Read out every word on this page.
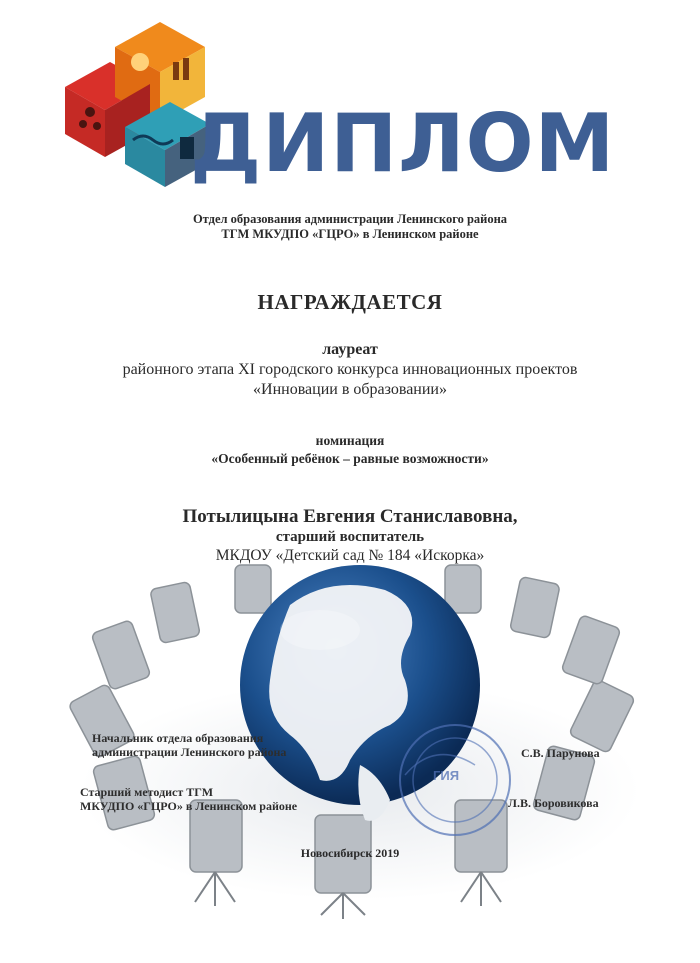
ДИПЛОМ
Отдел образования администрации Ленинского района
ТГМ МКУДПО «ГЦРО» в Ленинском районе
НАГРАЖДАЕТСЯ
лауреат
районного этапа XI городского конкурса инновационных проектов
«Инновации в образовании»
номинация
«Особенный ребёнок – равные возможности»
Потылицына Евгения Станиславовна,
старший воспитатель
МКДОУ «Детский сад № 184 «Искорка»
Начальник отдела образования
администрации Ленинского района	С.В. Парунова
Старший методист ТГМ
МКУДПО «ГЦРО» в Ленинском районе	Л.В. Боровикова
ГИЯ
Новосибирск 2019
